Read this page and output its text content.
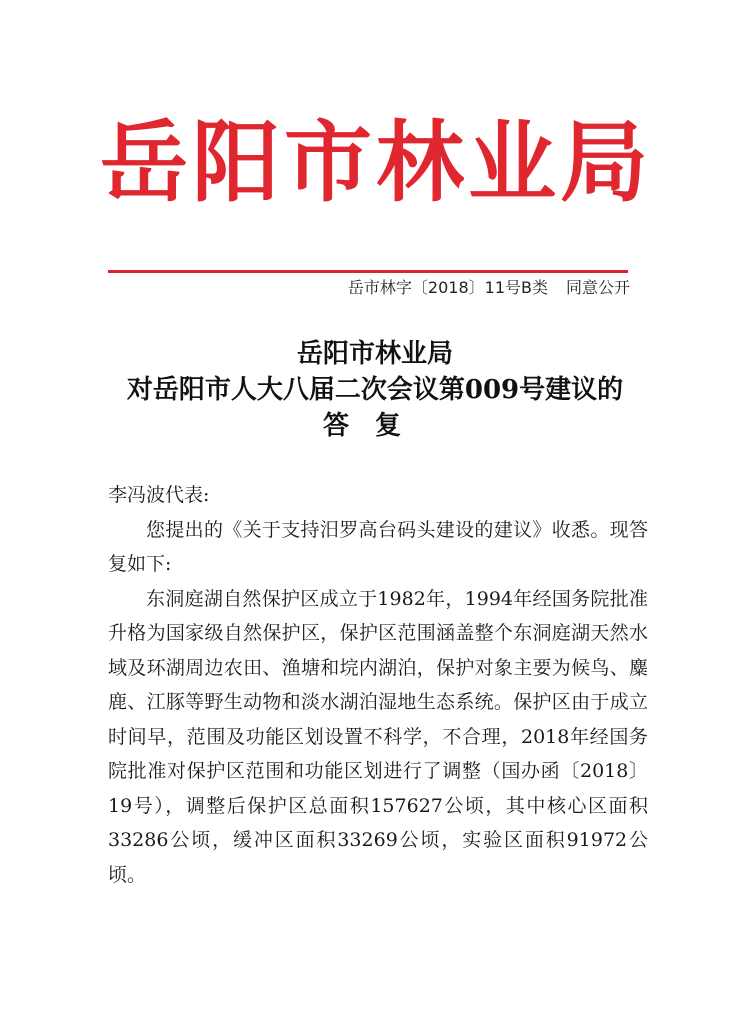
岳阳市林业局
岳市林字〔2018〕11号B类 同意公开
岳阳市林业局
对岳阳市人大八届二次会议第009号建议的
答复

李冯波代表:

您提出的《关于支持汨罗高台码头建设的建议》收悉。现答复如下:

东洞庭湖自然保护区成立于1982年，1994年经国务院批准升格为国家级自然保护区，保护区范围涵盖整个东洞庭湖天然水域及环湖周边农田、渔塘和垸内湖泊，保护对象主要为候鸟、麋鹿、江豚等野生动物和淡水湖泊湿地生态系统。保护区由于成立时间早，范围及功能区划设置不科学，不合理，2018年经国务院批准对保护区范围和功能区划进行了调整（国办函〔2018〕19号），调整后保护区总面积157627公顷，其中核心区面积33286公顷，缓冲区面积33269公顷，实验区面积91972公顷。
